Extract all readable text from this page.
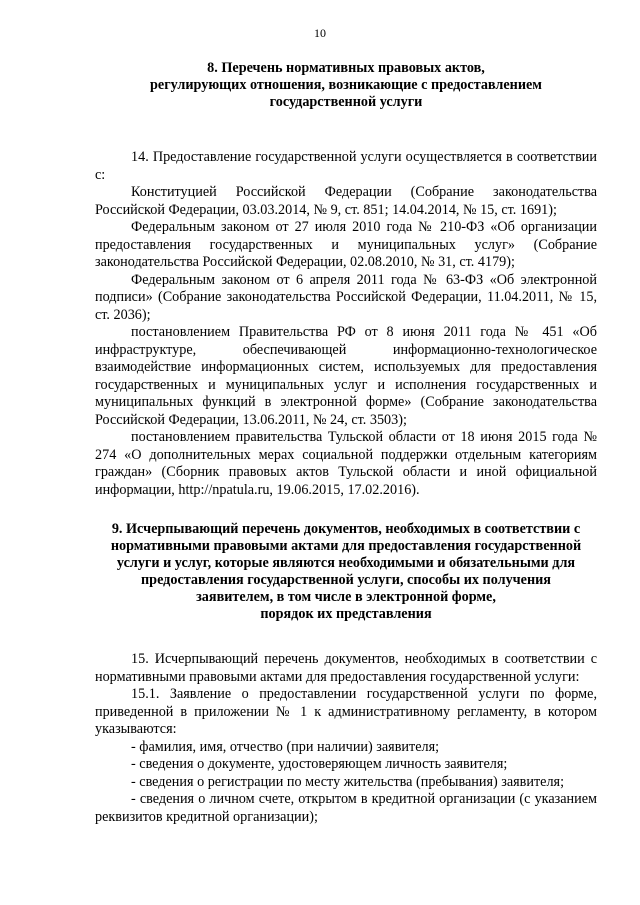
10
8. Перечень нормативных правовых актов,
регулирующих отношения, возникающие с предоставлением
государственной услуги

14. Предоставление государственной услуги осуществляется в соответствии с:

Конституцией Российской Федерации (Собрание законодательства Российской Федерации, 03.03.2014, № 9, ст. 851; 14.04.2014, № 15, ст. 1691);

Федеральным законом от 27 июля 2010 года № 210-ФЗ «Об организации предоставления государственных и муниципальных услуг» (Собрание законодательства Российской Федерации, 02.08.2010, № 31, ст. 4179);

Федеральным законом от 6 апреля 2011 года № 63-ФЗ «Об электронной подписи» (Собрание законодательства Российской Федерации, 11.04.2011, № 15, ст. 2036);

постановлением Правительства РФ от 8 июня 2011 года № 451 «Об инфраструктуре, обеспечивающей информационно-технологическое взаимодействие информационных систем, используемых для предоставления государственных и муниципальных услуг и исполнения государственных и муниципальных функций в электронной форме» (Собрание законодательства Российской Федерации, 13.06.2011, № 24, ст. 3503);

постановлением правительства Тульской области от 18 июня 2015 года № 274 «О дополнительных мерах социальной поддержки отдельным категориям граждан» (Сборник правовых актов Тульской области и иной официальной информации, http://npatula.ru, 19.06.2015, 17.02.2016).

9. Исчерпывающий перечень документов, необходимых в соответствии с
нормативными правовыми актами для предоставления государственной
услуги и услуг, которые являются необходимыми и обязательными для
предоставления государственной услуги, способы их получения
заявителем, в том числе в электронной форме,
порядок их представления

15. Исчерпывающий перечень документов, необходимых в соответствии с нормативными правовыми актами для предоставления государственной услуги:

15.1. Заявление о предоставлении государственной услуги по форме, приведенной в приложении № 1 к административному регламенту, в котором указываются:

- фамилия, имя, отчество (при наличии) заявителя;

- сведения о документе, удостоверяющем личность заявителя;

- сведения о регистрации по месту жительства (пребывания) заявителя;

- сведения о личном счете, открытом в кредитной организации (с указанием реквизитов кредитной организации);
